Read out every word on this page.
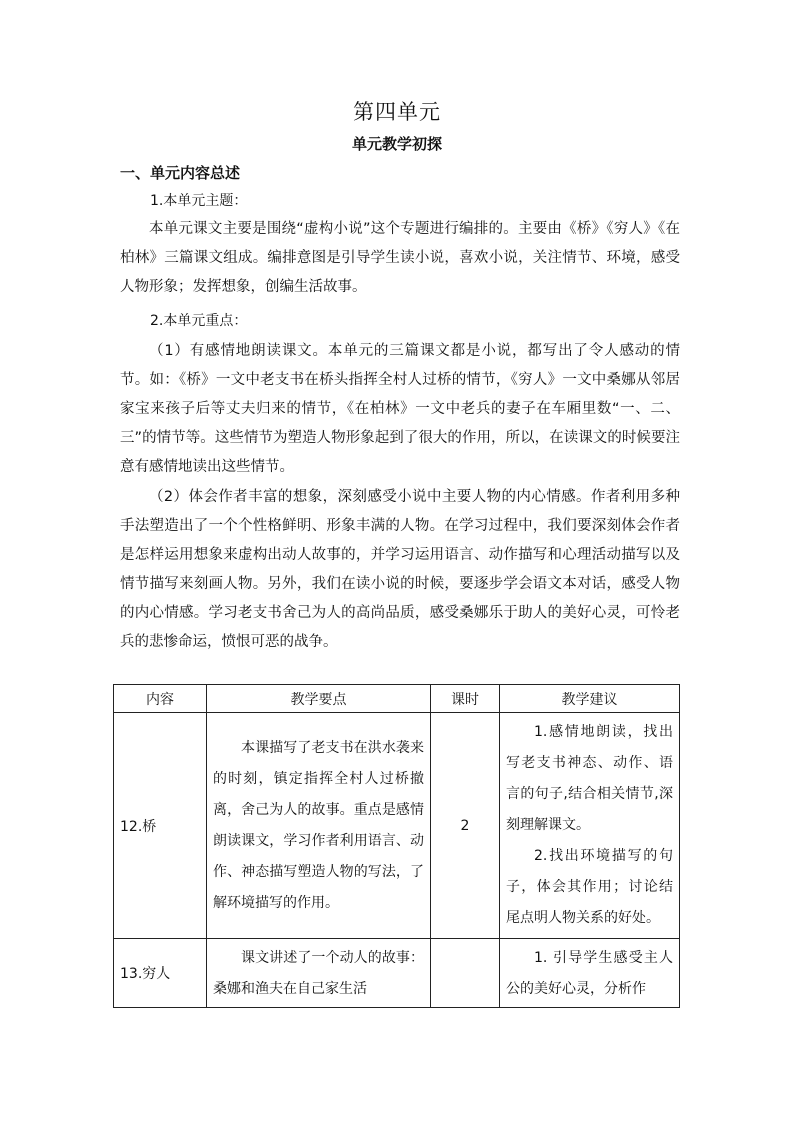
第四单元
单元教学初探
一、单元内容总述
1.本单元主题：

本单元课文主要是围绕“虚构小说”这个专题进行编排的。主要由《桥》《穷人》《在柏林》三篇课文组成。编排意图是引导学生读小说，喜欢小说，关注情节、环境，感受人物形象；发挥想象，创编生活故事。

2.本单元重点：

（1）有感情地朗读课文。本单元的三篇课文都是小说，都写出了令人感动的情节。如：《桥》一文中老支书在桥头指挥全村人过桥的情节，《穷人》一文中桑娜从邻居家宝来孩子后等丈夫归来的情节，《在柏林》一文中老兵的妻子在车厢里数“一、二、三”的情节等。这些情节为塑造人物形象起到了很大的作用，所以，在读课文的时候要注意有感情地读出这些情节。

（2）体会作者丰富的想象，深刻感受小说中主要人物的内心情感。作者利用多种手法塑造出了一个个性格鲜明、形象丰满的人物。在学习过程中，我们要深刻体会作者是怎样运用想象来虚构出动人故事的，并学习运用语言、动作描写和心理活动描写以及情节描写来刻画人物。另外，我们在读小说的时候，要逐步学会语文本对话，感受人物的内心情感。学习老支书舍己为人的高尚品质，感受桑娜乐于助人的美好心灵，可怜老兵的悲惨命运，愤恨可恶的战争。

内容	教学要点	课时	教学建议
12.桥	本课描写了老支书在洪水袭来的时刻，镇定指挥全村人过桥撤离，舍己为人的故事。重点是感情朗读课文，学习作者利用语言、动作、神态描写塑造人物的写法，了解环境描写的作用。	2	1.感情地朗读，找出写老支书神态、动作、语言的句子,结合相关情节,深刻理解课文。
2.找出环境描写的句子，体会其作用；讨论结尾点明人物关系的好处。

13.穷人	课文讲述了一个动人的故事：桑娜和渔夫在自己家生活		1. 引导学生感受主人公的美好心灵，分析作
